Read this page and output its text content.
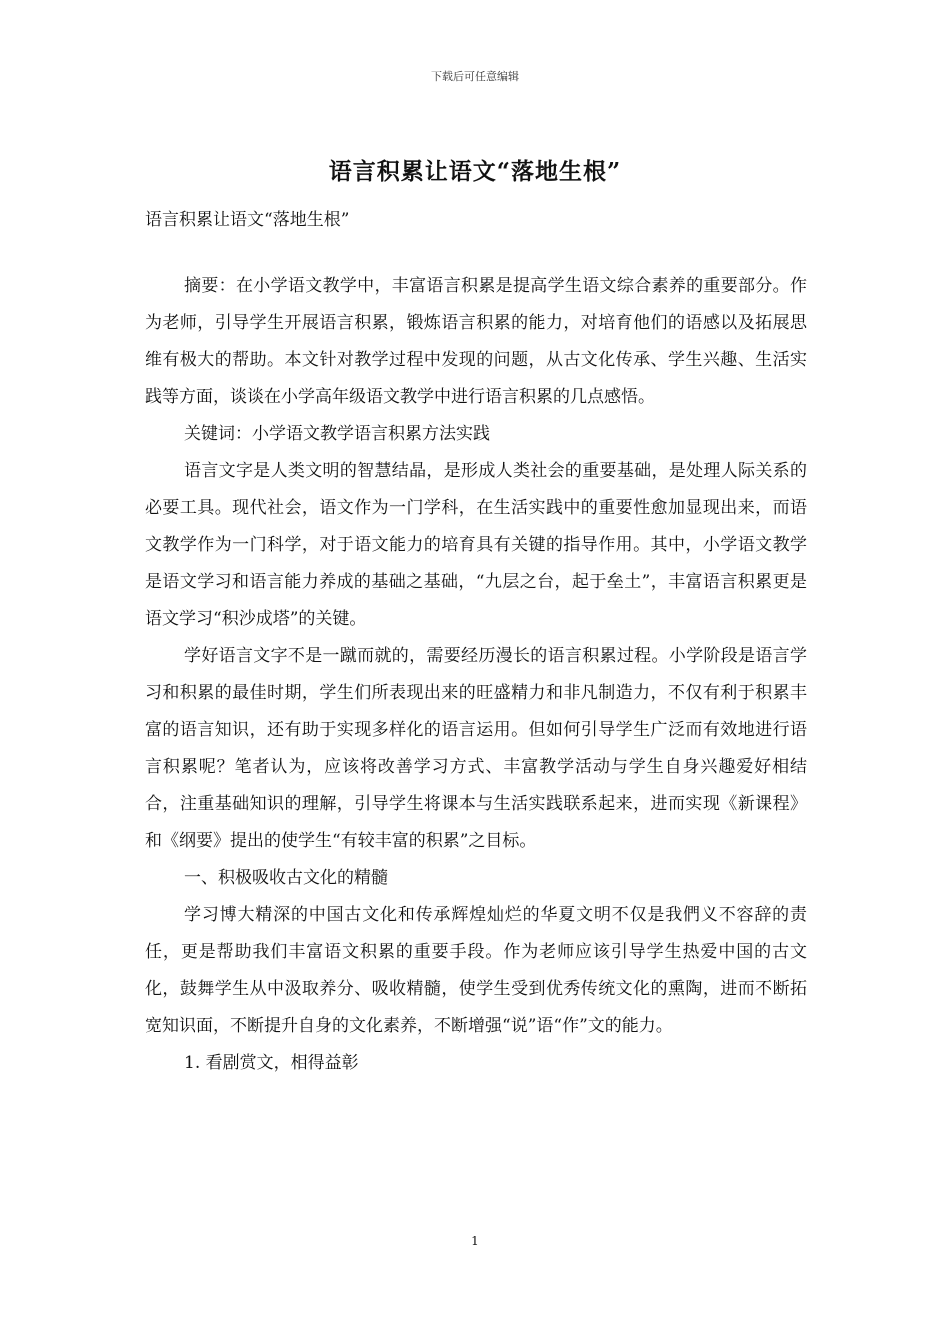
下载后可任意编辑
语言积累让语文“落地生根”
语言积累让语文“落地生根”

摘要：在小学语文教学中，丰富语言积累是提高学生语文综合素养的重要部分。作为老师，引导学生开展语言积累，锻炼语言积累的能力，对培育他们的语感以及拓展思维有极大的帮助。本文针对教学过程中发现的问题，从古文化传承、学生兴趣、生活实践等方面，谈谈在小学高年级语文教学中进行语言积累的几点感悟。

关键词：小学语文教学语言积累方法实践

语言文字是人类文明的智慧结晶，是形成人类社会的重要基础，是处理人际关系的必要工具。现代社会，语文作为一门学科，在生活实践中的重要性愈加显现出来，而语文教学作为一门科学，对于语文能力的培育具有关键的指导作用。其中，小学语文教学是语文学习和语言能力养成的基础之基础，“九层之台，起于垒土”，丰富语言积累更是语文学习“积沙成塔”的关键。

学好语言文字不是一蹴而就的，需要经历漫长的语言积累过程。小学阶段是语言学习和积累的最佳时期，学生们所表现出来的旺盛精力和非凡制造力，不仅有利于积累丰富的语言知识，还有助于实现多样化的语言运用。但如何引导学生广泛而有效地进行语言积累呢？笔者认为，应该将改善学习方式、丰富教学活动与学生自身兴趣爱好相结合，注重基础知识的理解，引导学生将课本与生活实践联系起来，进而实现《新课程》和《纲要》提出的使学生“有较丰富的积累”之目标。

一、积极吸收古文化的精髓

学习博大精深的中国古文化和传承辉煌灿烂的华夏文明不仅是我們义不容辞的责任，更是帮助我们丰富语文积累的重要手段。作为老师应该引导学生热爱中国的古文化，鼓舞学生从中汲取养分、吸收精髓，使学生受到优秀传统文化的熏陶，进而不断拓宽知识面，不断提升自身的文化素养，不断增强“说”语“作”文的能力。

1. 看剧赏文，相得益彰

1
